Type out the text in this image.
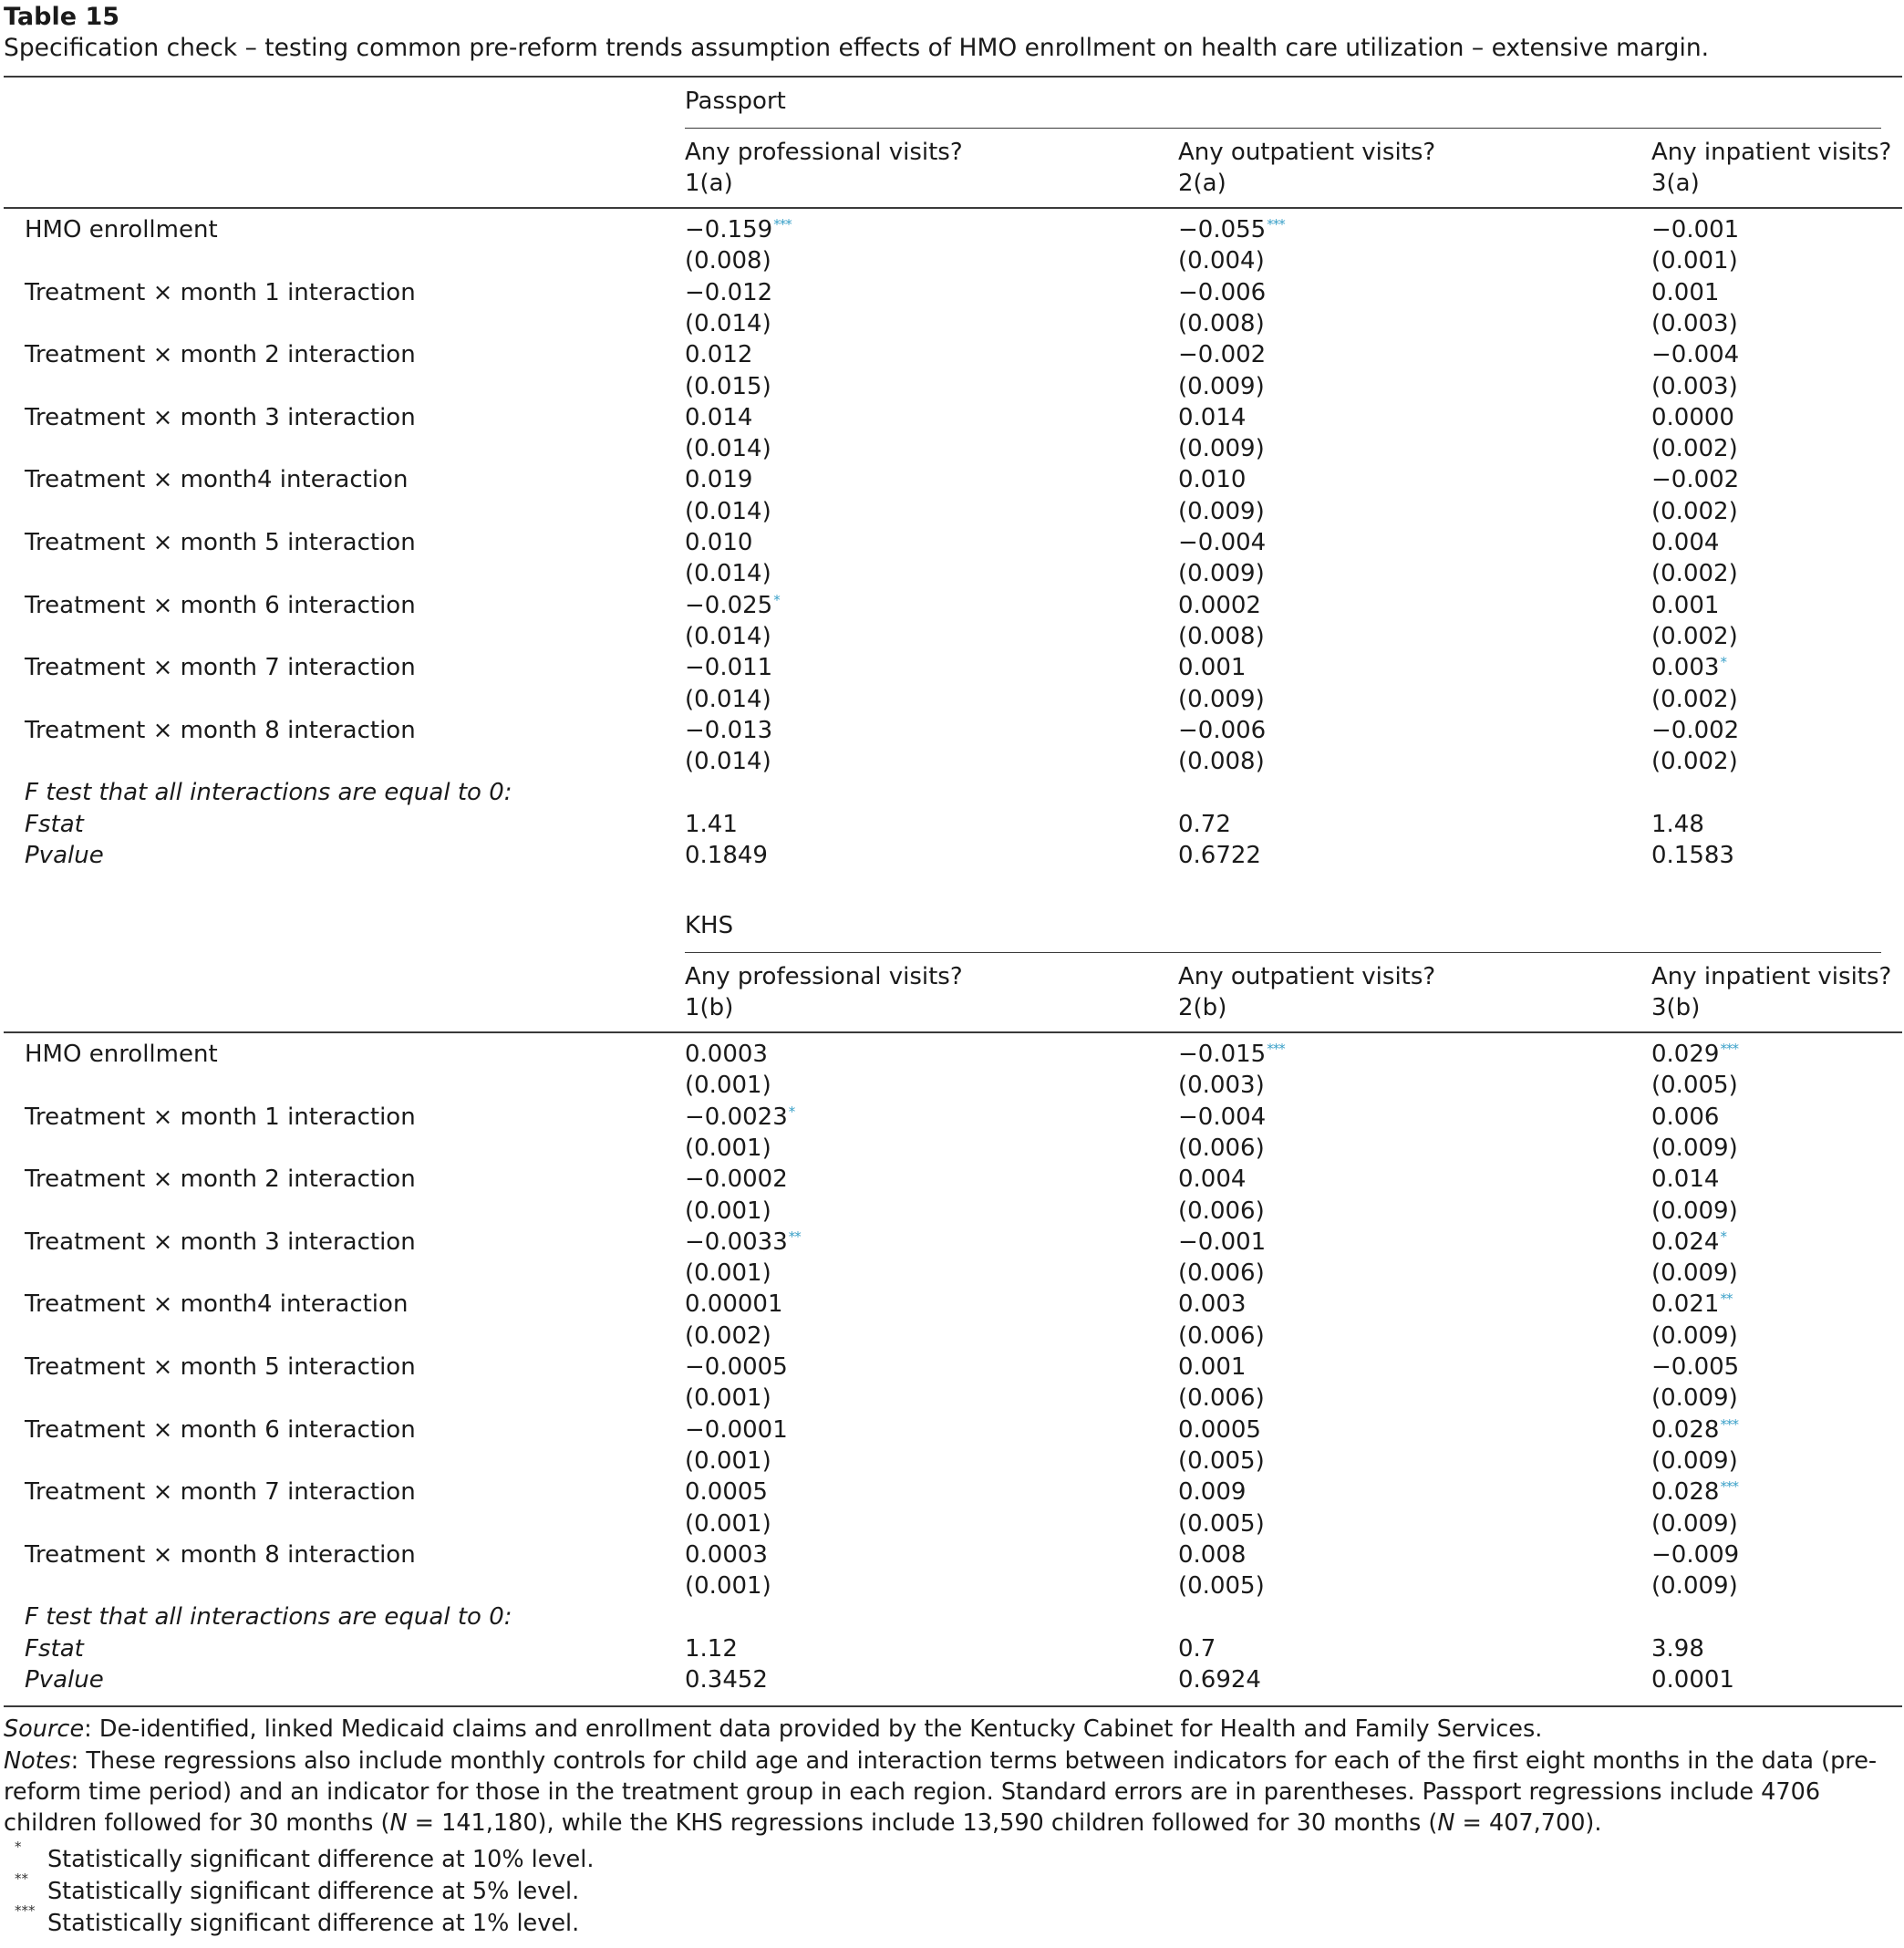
Table 15
Specification check – testing common pre-reform trends assumption effects of HMO enrollment on health care utilization – extensive margin.
Passport
Any professional visits?
1(a)
Any outpatient visits?
2(a)
Any inpatient visits?
3(a)
HMO enrollment	−0.159***	−0.055***	−0.001
(0.008)	(0.004)	(0.001)
Treatment × month 1 interaction	−0.012	−0.006	0.001
(0.014)	(0.008)	(0.003)
Treatment × month 2 interaction	0.012	−0.002	−0.004
(0.015)	(0.009)	(0.003)
Treatment × month 3 interaction	0.014	0.014	0.0000
(0.014)	(0.009)	(0.002)
Treatment × month4 interaction	0.019	0.010	−0.002
(0.014)	(0.009)	(0.002)
Treatment × month 5 interaction	0.010	−0.004	0.004
(0.014)	(0.009)	(0.002)
Treatment × month 6 interaction	−0.025*	0.0002	0.001
(0.014)	(0.008)	(0.002)
Treatment × month 7 interaction	−0.011	0.001	0.003*
(0.014)	(0.009)	(0.002)
Treatment × month 8 interaction	−0.013	−0.006	−0.002
(0.014)	(0.008)	(0.002)
F test that all interactions are equal to 0:
Fstat	1.41	0.72	1.48
Pvalue	0.1849	0.6722	0.1583
KHS
Any professional visits?
1(b)
Any outpatient visits?
2(b)
Any inpatient visits?
3(b)
HMO enrollment	0.0003	−0.015***	0.029***
(0.001)	(0.003)	(0.005)
Treatment × month 1 interaction	−0.0023*	−0.004	0.006
(0.001)	(0.006)	(0.009)
Treatment × month 2 interaction	−0.0002	0.004	0.014
(0.001)	(0.006)	(0.009)
Treatment × month 3 interaction	−0.0033**	−0.001	0.024*
(0.001)	(0.006)	(0.009)
Treatment × month4 interaction	0.00001	0.003	0.021**
(0.002)	(0.006)	(0.009)
Treatment × month 5 interaction	−0.0005	0.001	−0.005
(0.001)	(0.006)	(0.009)
Treatment × month 6 interaction	−0.0001	0.0005	0.028***
(0.001)	(0.005)	(0.009)
Treatment × month 7 interaction	0.0005	0.009	0.028***
(0.001)	(0.005)	(0.009)
Treatment × month 8 interaction	0.0003	0.008	−0.009
(0.001)	(0.005)	(0.009)
F test that all interactions are equal to 0:
Fstat	1.12	0.7	3.98
Pvalue	0.3452	0.6924	0.0001
Source: De-identified, linked Medicaid claims and enrollment data provided by the Kentucky Cabinet for Health and Family Services.
Notes: These regressions also include monthly controls for child age and interaction terms between indicators for each of the first eight months in the data (pre-reform time period) and an indicator for those in the treatment group in each region. Standard errors are in parentheses. Passport regressions include 4706 children followed for 30 months (N = 141,180), while the KHS regressions include 13,590 children followed for 30 months (N = 407,700).
* Statistically significant difference at 10% level.
** Statistically significant difference at 5% level.
*** Statistically significant difference at 1% level.
